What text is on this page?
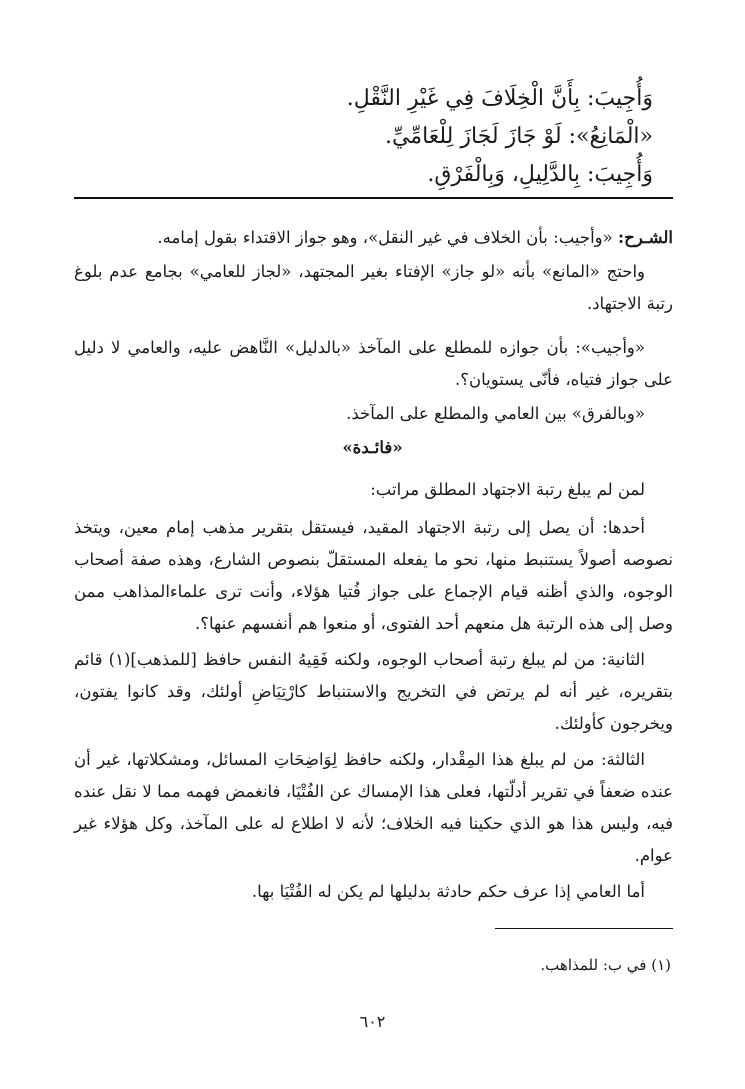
وَأُجِيبَ: بِأَنَّ الْخِلَافَ فِي غَيْرِ النَّقْلِ.
«الْمَانِعُ»: لَوْ جَازَ لَجَازَ لِلْعَامِّيِّ.
وَأُجِيبَ: بِالدَّلِيلِ، وَبِالْفَرْقِ.
الشـرح: «وأجيب: بأن الخلاف في غير النقل»، وهو جواز الاقتداء بقول إمامه.
واحتج «المانع» بأنه «لو جاز» الإفتاء بغير المجتهد، «لجاز للعامي» بجامع عدم بلوغ رتبة الاجتهاد.
«وأجيب»: بأن جوازه للمطلع على المآخذ «بالدليل» النَّاهض عليه، والعامي لا دليل على جواز فتياه، فأنّى يستويان؟.
«وبالفرق» بين العامي والمطلع على المآخذ.
«فائـدة»
لمن لم يبلغ رتبة الاجتهاد المطلق مراتب:
أحدها: أن يصل إلى رتبة الاجتهاد المقيد، فيستقل بتقرير مذهب إمام معين، ويتخذ نصوصه أصولاً يستنبط منها، نحو ما يفعله المستقلّ بنصوص الشارع، وهذه صفة أصحاب الوجوه، والذي أظنه قيام الإجماع على جواز فُتيا هؤلاء، وأنت ترى علماءالمذاهب ممن وصل إلى هذه الرتبة هل منعهم أحد الفتوى، أو منعوا هم أنفسهم عنها؟.
الثانية: من لم يبلغ رتبة أصحاب الوجوه، ولكنه فَقِيهُ النفس حافظ [للمذهب](١) قائم بتقريره، غير أنه لم يرتض في التخريج والاستنباط كارْتِيَاضِ أولئك، وقد كانوا يفتون، ويخرجون كأولئك.
الثالثة: من لم يبلغ هذا المِقْدار، ولكنه حافظ لِوَاضِحَاتِ المسائل، ومشكلاتها، غير أن عنده ضعفاً في تقرير أدلّتها، فعلى هذا الإمساك عن الفُتْيَا، فانغمض فهمه مما لا نقل عنده فيه، وليس هذا هو الذي حكينا فيه الخلاف؛ لأنه لا اطلاع له على المآخذ، وكل هؤلاء غير عوام.
أما العامي إذا عرف حكم حادثة بدليلها لم يكن له الفُتْيَا بها.
(١) في ب: للمذاهب.
٦٠٢
